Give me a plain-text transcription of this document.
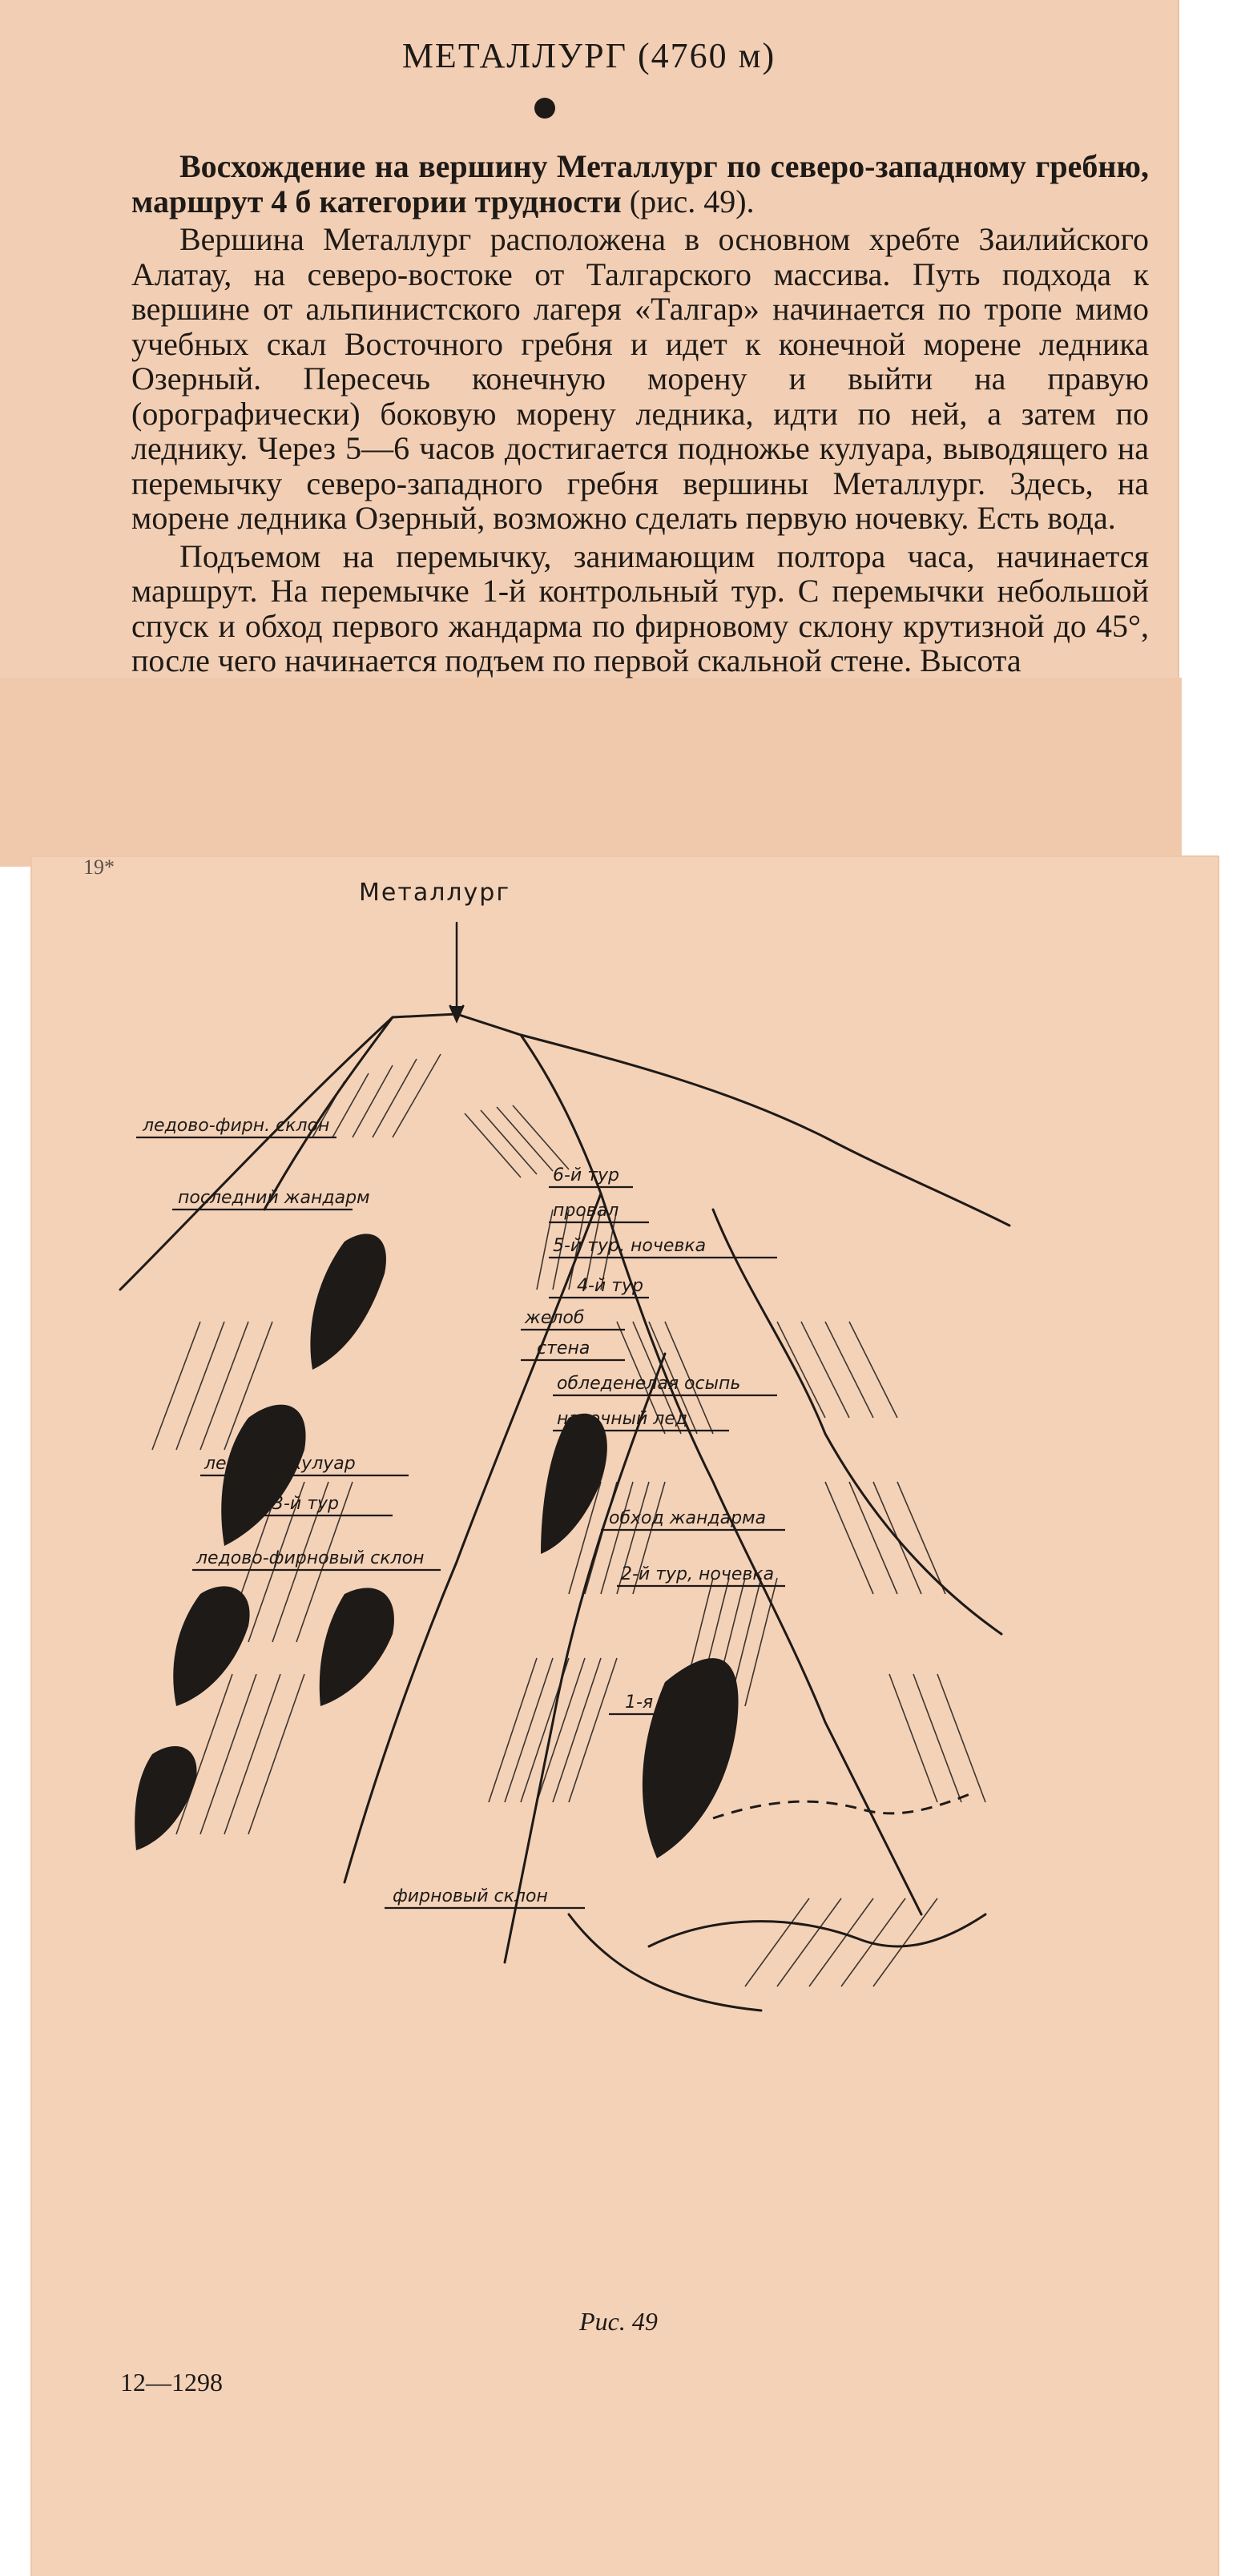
МЕТАЛЛУРГ (4760 м)

Восхождение на вершину Металлург по северо-западному гребню, маршрут 4 б категории трудности (рис. 49).

Вершина Металлург расположена в основном хребте Заилийского Алатау, на северо-востоке от Талгарского массива. Путь подхода к вершине от альпинистского лагеря «Талгар» начинается по тропе мимо учебных скал Восточного гребня и идет к конечной морене ледника Озерный. Пересечь конечную морену и выйти на правую (орографически) боковую морену ледника, идти по ней, а затем по леднику. Через 5—6 часов достигается подножье кулуара, выводящего на перемычку северо-западного гребня вершины Металлург. Здесь, на морене ледника Озерный, возможно сделать первую ночевку. Есть вода.

Подъемом на перемычку, занимающим полтора часа, начинается маршрут. На перемычке 1-й контрольный тур. С перемычки небольшой спуск и обход первого жандарма по фирновому склону крутизной до 45°, после чего начинается подъем по первой скальной стене. Высота

Металлург
ледово-фирн. склон
последний жандарм
6-й тур
провал
5-й тур, ночевка
4-й тур
желоб
стена
обледенелая осыпь
натечный лед
ледовый кулуар
3-й тур
обход жандарма
ледово-фирновый склон
2-й тур, ночевка
1-я стена
фирновый склон
Рис. 49
12—1298
